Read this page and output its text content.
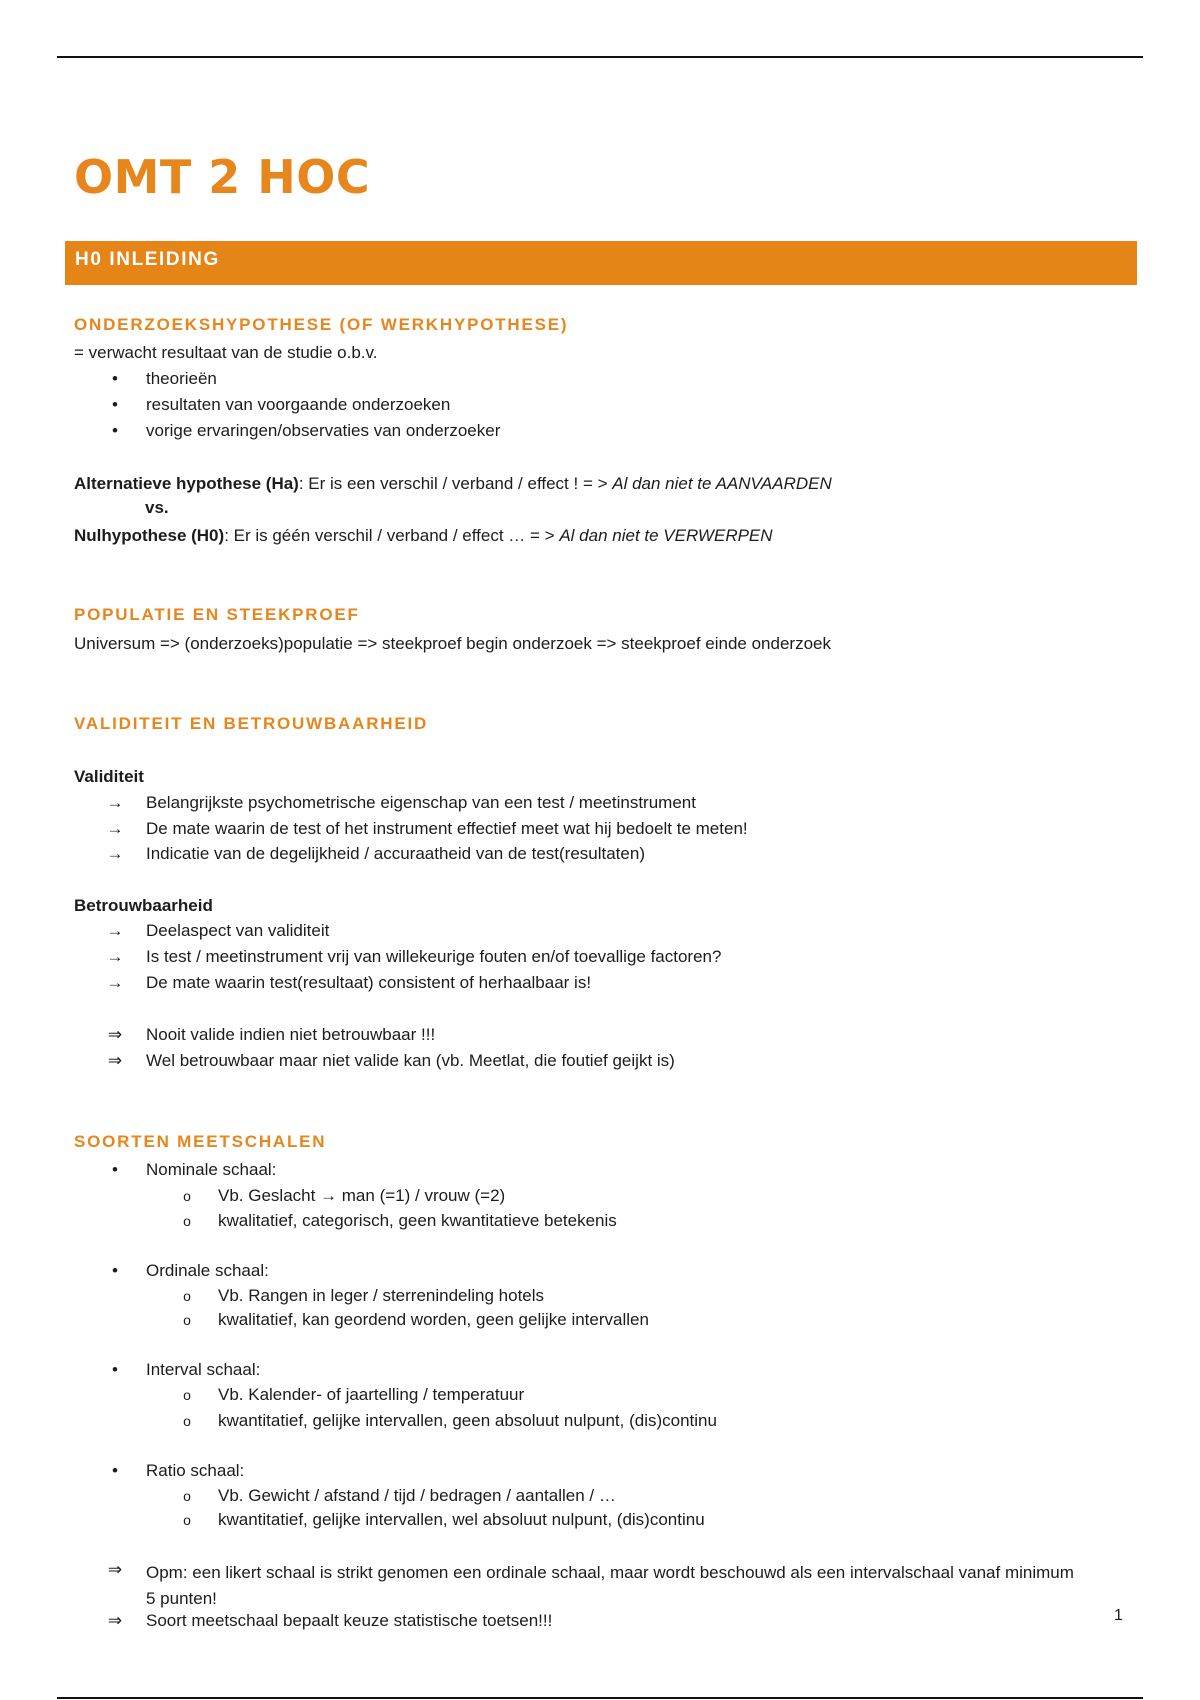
OMT 2 HOC
H0 INLEIDING
ONDERZOEKSHYPOTHESE (OF WERKHYPOTHESE)
= verwacht resultaat van de studie o.b.v.
•	theorieën
•	resultaten van voorgaande onderzoeken
•	vorige ervaringen/observaties van onderzoeker
Alternatieve hypothese (Ha): Er is een verschil / verband / effect ! = > Al dan niet te AANVAARDEN
vs.
Nulhypothese (H0): Er is géén verschil / verband / effect … = > Al dan niet te VERWERPEN
POPULATIE EN STEEKPROEF
Universum => (onderzoeks)populatie => steekproef begin onderzoek => steekproef einde onderzoek
VALIDITEIT EN BETROUWBAARHEID
Validiteit
→	Belangrijkste psychometrische eigenschap van een test / meetinstrument
→	De mate waarin de test of het instrument effectief meet wat hij bedoelt te meten!
→	Indicatie van de degelijkheid / accuraatheid van de test(resultaten)
Betrouwbaarheid
→	Deelaspect van validiteit
→	Is test / meetinstrument vrij van willekeurige fouten en/of toevallige factoren?
→	De mate waarin test(resultaat) consistent of herhaalbaar is!
⇒	Nooit valide indien niet betrouwbaar !!!
⇒	Wel betrouwbaar maar niet valide kan (vb. Meetlat, die foutief geijkt is)
SOORTEN MEETSCHALEN
•	Nominale schaal:
o	Vb. Geslacht → man (=1) / vrouw (=2)
o	kwalitatief, categorisch, geen kwantitatieve betekenis
•	Ordinale schaal:
o	Vb. Rangen in leger / sterrenindeling hotels
o	kwalitatief, kan geordend worden, geen gelijke intervallen
•	Interval schaal:
o	Vb. Kalender- of jaartelling / temperatuur
o	kwantitatief, gelijke intervallen, geen absoluut nulpunt, (dis)continu
•	Ratio schaal:
o	Vb. Gewicht / afstand / tijd / bedragen / aantallen / …
o	kwantitatief, gelijke intervallen, wel absoluut nulpunt, (dis)continu
⇒	Opm: een likert schaal is strikt genomen een ordinale schaal, maar wordt beschouwd als een intervalschaal vanaf minimum 5 punten!
⇒	Soort meetschaal bepaalt keuze statistische toetsen!!!	1
